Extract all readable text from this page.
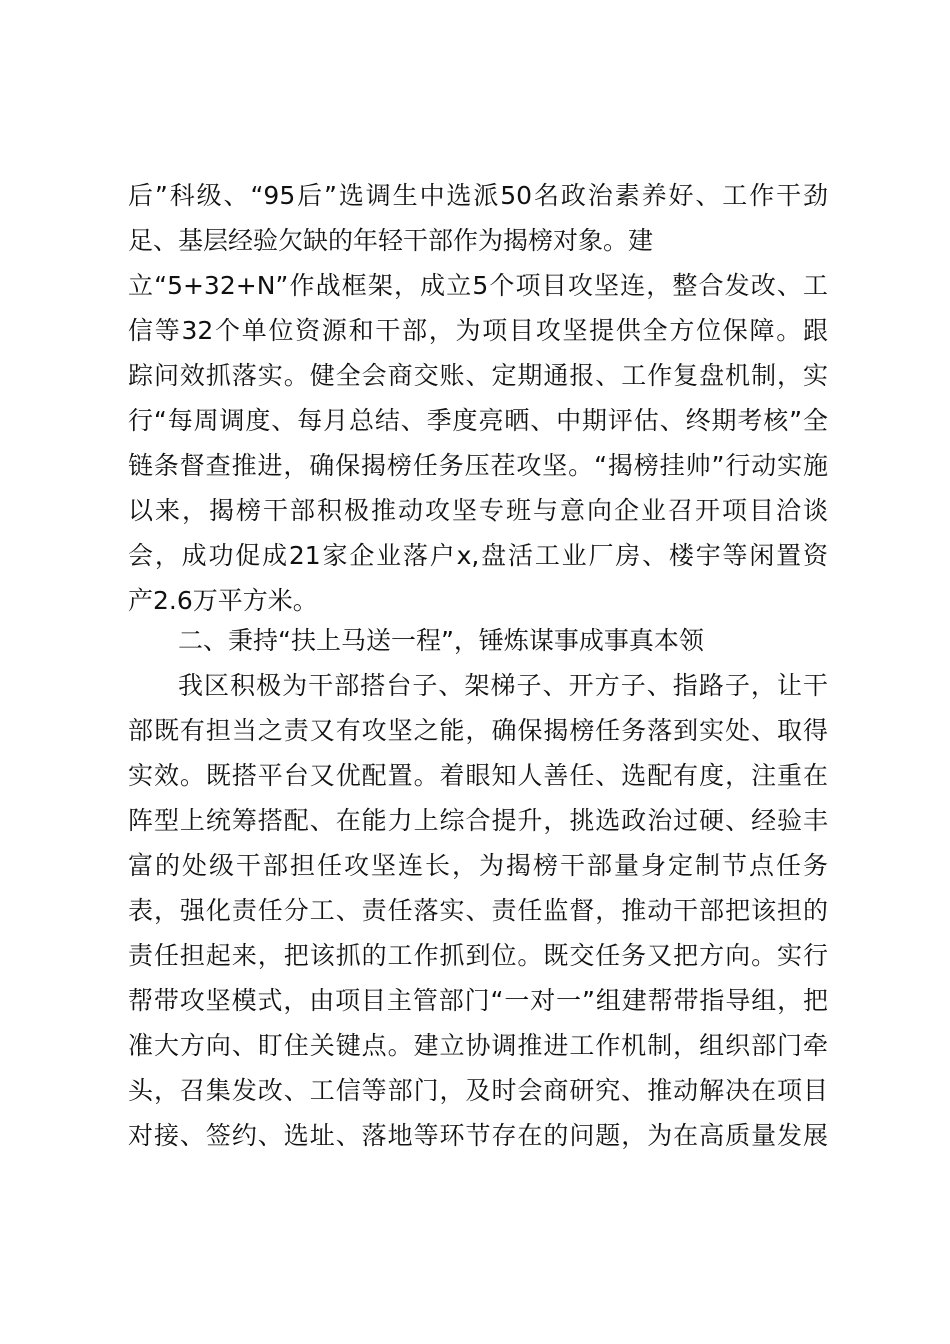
后”科级、“95后”选调生中选派50名政治素养好、工作干劲
足、基层经验欠缺的年轻干部作为揭榜对象。建
立“5+32+N”作战框架，成立5个项目攻坚连，整合发改、工
信等32个单位资源和干部，为项目攻坚提供全方位保障。跟
踪问效抓落实。健全会商交账、定期通报、工作复盘机制，实
行“每周调度、每月总结、季度亮晒、中期评估、终期考核”全
链条督查推进，确保揭榜任务压茬攻坚。“揭榜挂帅”行动实施
以来，揭榜干部积极推动攻坚专班与意向企业召开项目洽谈
会，成功促成21家企业落户x,盘活工业厂房、楼宇等闲置资
产2.6万平方米。
二、秉持“扶上马送一程”，锤炼谋事成事真本领
我区积极为干部搭台子、架梯子、开方子、指路子，让干
部既有担当之责又有攻坚之能，确保揭榜任务落到实处、取得
实效。既搭平台又优配置。着眼知人善任、选配有度，注重在
阵型上统筹搭配、在能力上综合提升，挑选政治过硬、经验丰
富的处级干部担任攻坚连长，为揭榜干部量身定制节点任务
表，强化责任分工、责任落实、责任监督，推动干部把该担的
责任担起来，把该抓的工作抓到位。既交任务又把方向。实行
帮带攻坚模式，由项目主管部门“一对一”组建帮带指导组，把
准大方向、盯住关键点。建立协调推进工作机制，组织部门牵
头，召集发改、工信等部门，及时会商研究、推动解决在项目
对接、签约、选址、落地等环节存在的问题，为在高质量发展
